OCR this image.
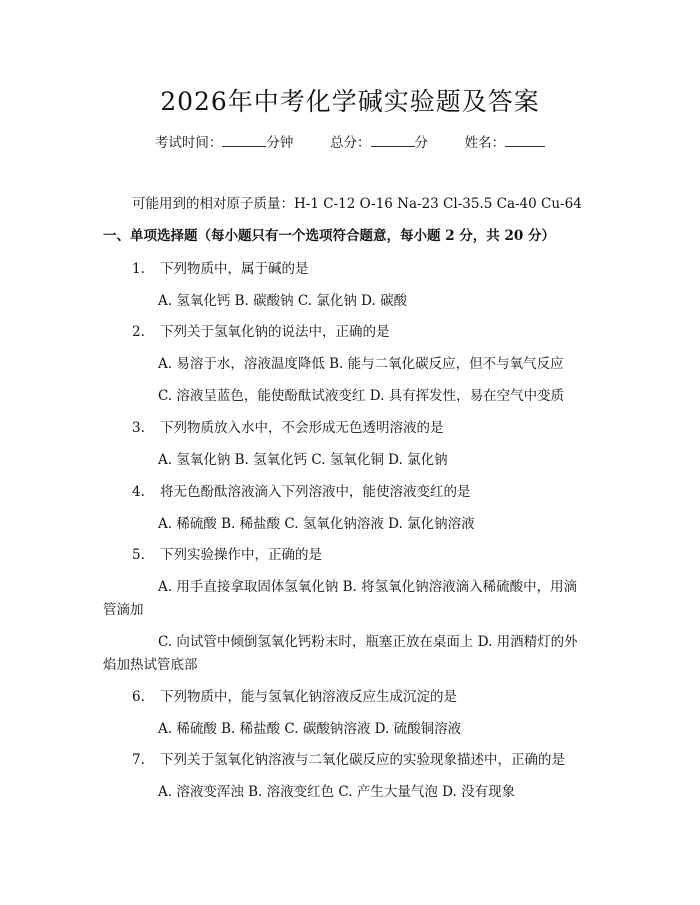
2026年中考化学碱实验题及答案
考试时间：	分钟	总分：	分	姓名：
可能用到的相对原子质量：H-1 C-12 O-16 Na-23 Cl-35.5 Ca-40 Cu-64
一、单项选择题（每小题只有一个选项符合题意，每小题 2 分，共 20 分）
1. 下列物质中，属于碱的是
A. 氢氧化钙 B. 碳酸钠 C. 氯化钠 D. 碳酸
2. 下列关于氢氧化钠的说法中，正确的是
A. 易溶于水，溶液温度降低 B. 能与二氧化碳反应，但不与氧气反应
C. 溶液呈蓝色，能使酚酞试液变红 D. 具有挥发性，易在空气中变质
3. 下列物质放入水中，不会形成无色透明溶液的是
A. 氢氧化钠 B. 氢氧化钙 C. 氢氧化铜 D. 氯化钠
4. 将无色酚酞溶液滴入下列溶液中，能使溶液变红的是
A. 稀硫酸 B. 稀盐酸 C. 氢氧化钠溶液 D. 氯化钠溶液
5. 下列实验操作中，正确的是
A. 用手直接拿取固体氢氧化钠 B. 将氢氧化钠溶液滴入稀硫酸中，用滴
管滴加
C. 向试管中倾倒氢氧化钙粉末时，瓶塞正放在桌面上 D. 用酒精灯的外
焰加热试管底部
6. 下列物质中，能与氢氧化钠溶液反应生成沉淀的是
A. 稀硫酸 B. 稀盐酸 C. 碳酸钠溶液 D. 硫酸铜溶液
7. 下列关于氢氧化钠溶液与二氧化碳反应的实验现象描述中，正确的是
A. 溶液变浑浊 B. 溶液变红色 C. 产生大量气泡 D. 没有现象
